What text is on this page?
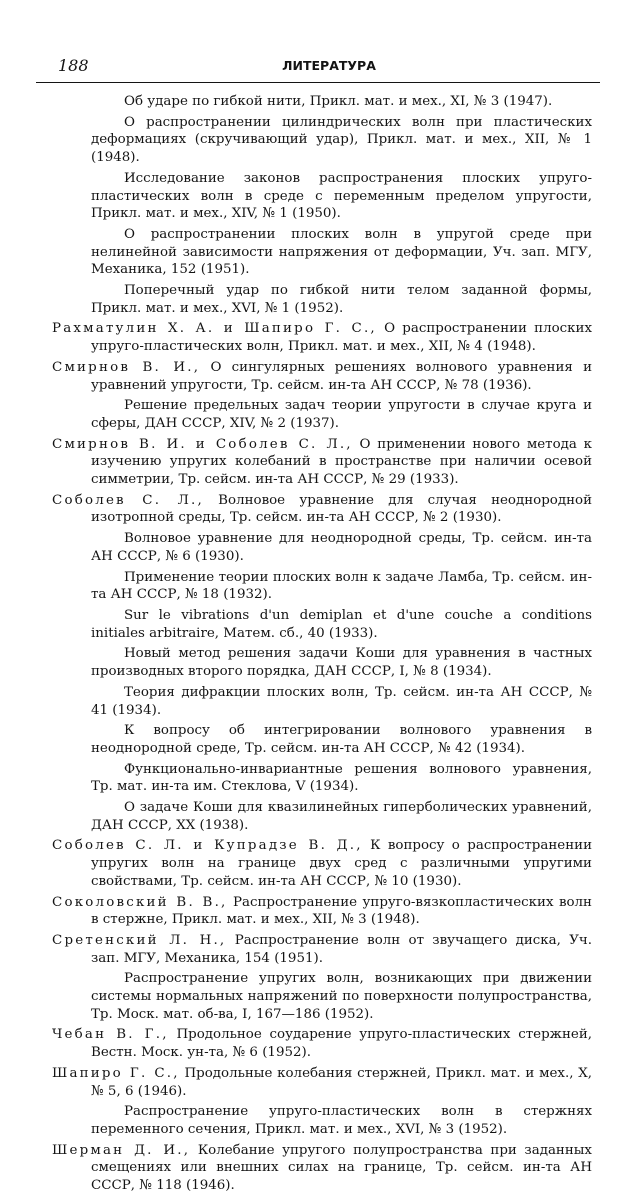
188	ЛИТЕРАТУРА

Об ударе по гибкой нити, Прикл. мат. и мех., XI, № 3 (1947).

О распространении цилиндрических волн при пластических деформациях (скручивающий удар), Прикл. мат. и мех., XII, № 1 (1948).

Исследование законов распространения плоских упруго-пластических волн в среде с переменным пределом упругости, Прикл. мат. и мех., XIV, № 1 (1950).

О распространении плоских волн в упругой среде при нелинейной зависимости напряжения от деформации, Уч. зап. МГУ, Механика, 152 (1951).

Поперечный удар по гибкой нити телом заданной формы, Прикл. мат. и мех., XVI, № 1 (1952).

Рахматулин Х. А. и Шапиро Г. С., О распространении плоских упруго-пластических волн, Прикл. мат. и мех., XII, № 4 (1948).

Смирнов В. И., О сингулярных решениях волнового уравнения и уравнений упругости, Тр. сейсм. ин-та АН СССР, № 78 (1936).

Решение предельных задач теории упругости в случае круга и сферы, ДАН СССР, XIV, № 2 (1937).

Смирнов В. И. и Соболев С. Л., О применении нового метода к изучению упругих колебаний в пространстве при наличии осевой симметрии, Тр. сейсм. ин-та АН СССР, № 29 (1933).

Соболев С. Л., Волновое уравнение для случая неоднородной изотропной среды, Тр. сейсм. ин-та АН СССР, № 2 (1930).

Волновое уравнение для неоднородной среды, Тр. сейсм. ин-та АН СССР, № 6 (1930).

Применение теории плоских волн к задаче Ламба, Тр. сейсм. ин-та АН СССР, № 18 (1932).

Sur le vibrations d'un demiplan et d'une couche a conditions initiales arbitraire, Матем. сб., 40 (1933).

Новый метод решения задачи Коши для уравнения в частных производных второго порядка, ДАН СССР, I, № 8 (1934).

Теория дифракции плоских волн, Тр. сейсм. ин-та АН СССР, № 41 (1934).

К вопросу об интегрировании волнового уравнения в неоднородной среде, Тр. сейсм. ин-та АН СССР, № 42 (1934).

Функционально-инвариантные решения волнового уравнения, Тр. мат. ин-та им. Стеклова, V (1934).

О задаче Коши для квазилинейных гиперболических уравнений, ДАН СССР, XX (1938).

Соболев С. Л. и Купрадзе В. Д., К вопросу о распространении упругих волн на границе двух сред с различными упругими свойствами, Тр. сейсм. ин-та АН СССР, № 10 (1930).

Соколовский В. В., Распространение упруго-вязкопластических волн в стержне, Прикл. мат. и мех., XII, № 3 (1948).

Сретенский Л. Н., Распространение волн от звучащего диска, Уч. зап. МГУ, Механика, 154 (1951).

Распространение упругих волн, возникающих при движении системы нормальных напряжений по поверхности полупространства, Тр. Моск. мат. об-ва, I, 167—186 (1952).

Чебан В. Г., Продольное соударение упруго-пластических стержней, Вестн. Моск. ун-та, № 6 (1952).

Шапиро Г. С., Продольные колебания стержней, Прикл. мат. и мех., X, № 5, 6 (1946).

Распространение упруго-пластических волн в стержнях переменного сечения, Прикл. мат. и мех., XVI, № 3 (1952).

Шерман Д. И., Колебание упругого полупространства при заданных смещениях или внешних силах на границе, Тр. сейсм. ин-та АН СССР, № 118 (1946).
